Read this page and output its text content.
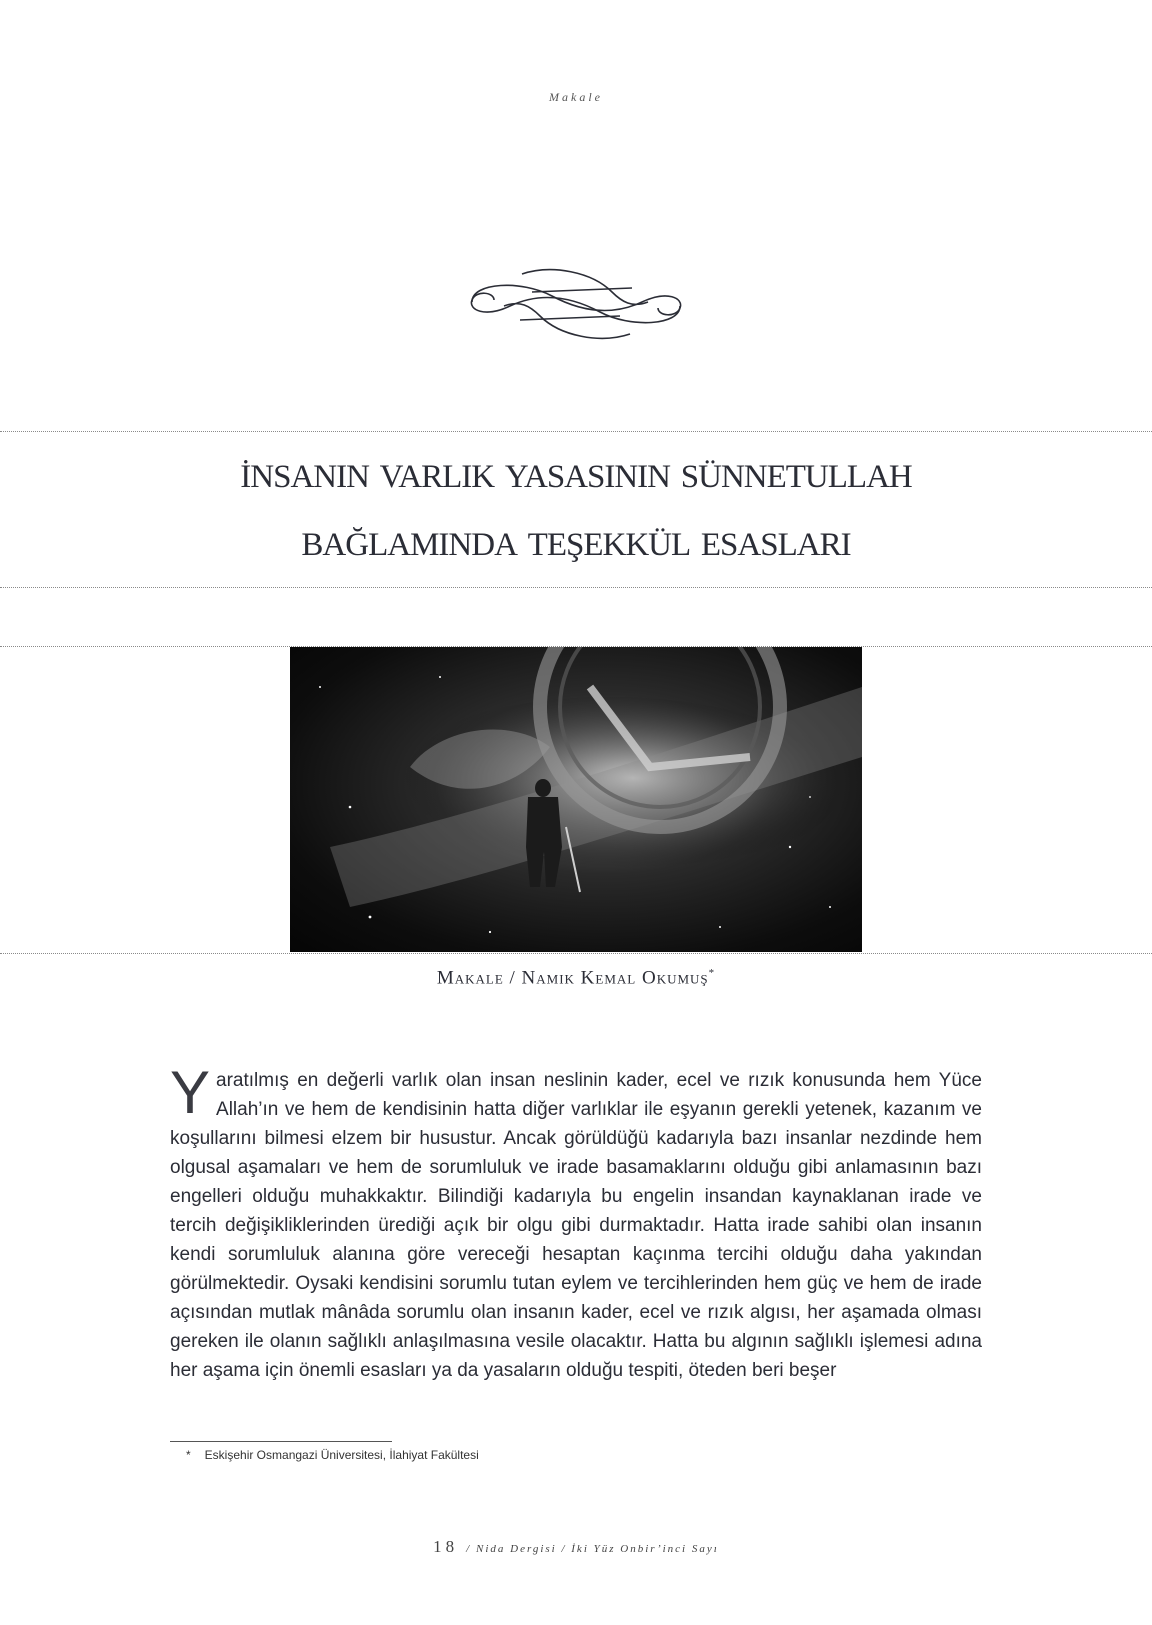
Makale
i̇nsanın varlık yasasının sünnetullah
bağlamında teşekkül esasları
Makale / Namık Kemal Okumuş*

Yaratılmış en değerli varlık olan insan neslinin kader, ecel ve rızık konusunda hem Yüce Allah’ın ve hem de kendisinin hatta diğer varlıklar ile eşyanın gerekli yetenek, kazanım ve koşullarını bilmesi elzem bir husustur. Ancak görüldüğü kadarıyla bazı insanlar nezdinde hem olgusal aşamaları ve hem de sorumluluk ve irade basamaklarını olduğu gibi anlamasının bazı engelleri olduğu muhakkaktır. Bilindiği kadarıyla bu engelin insandan kaynaklanan irade ve tercih değişikliklerinden ürediği açık bir olgu gibi durmaktadır. Hatta irade sahibi olan insanın kendi sorumluluk alanına göre vereceği hesaptan kaçınma tercihi olduğu daha yakından görülmektedir. Oysaki kendisini sorumlu tutan eylem ve tercihlerinden hem güç ve hem de irade açısından mutlak mânâda sorumlu olan insanın kader, ecel ve rızık algısı, her aşamada olması gereken ile olanın sağlıklı anlaşılmasına vesile olacaktır. Hatta bu algının sağlıklı işlemesi adına her aşama için önemli esasları ya da yasaların olduğu tespiti, öteden beri beşer

* Eskişehir Osmangazi Üniversitesi, İlahiyat Fakültesi
18 / Nida Dergisi / İki Yüz Onbir’inci Sayı
